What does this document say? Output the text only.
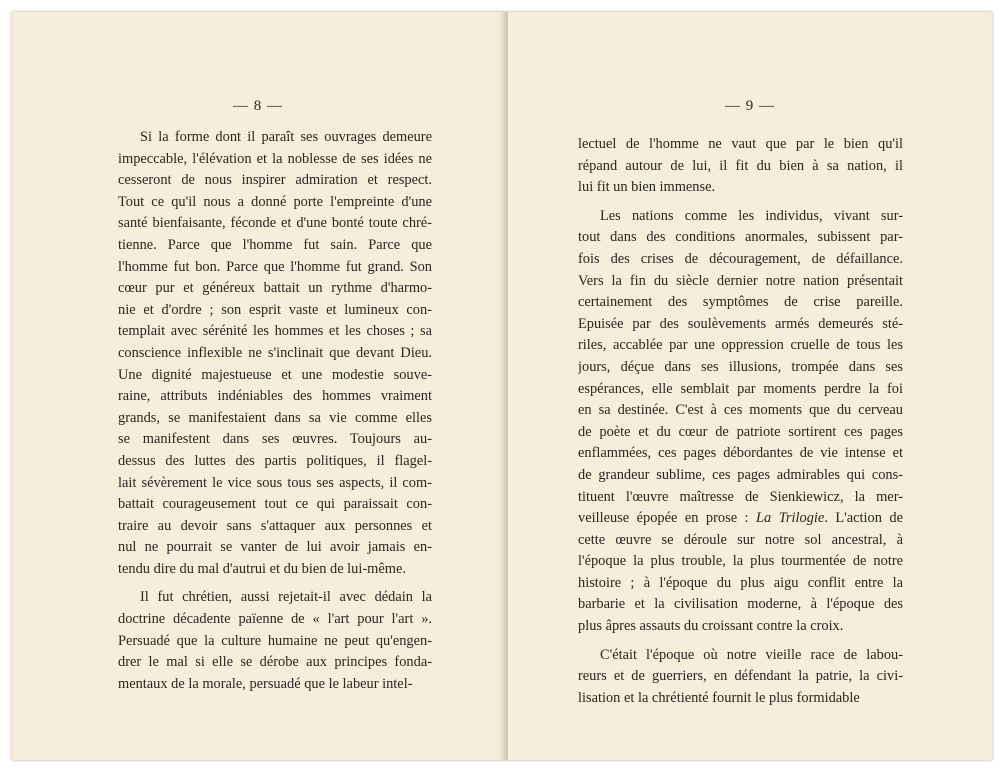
— 8 —
Si la forme dont il paraît ses ouvrages demeure
impeccable, l'élévation et la noblesse de ses idées ne
cesseront de nous inspirer admiration et respect.
Tout ce qu'il nous a donné porte l'empreinte d'une
santé bienfaisante, féconde et d'une bonté toute chré-
tienne. Parce que l'homme fut sain. Parce que
l'homme fut bon. Parce que l'homme fut grand. Son
cœur pur et généreux battait un rythme d'harmo-
nie et d'ordre ; son esprit vaste et lumineux con-
templait avec sérénité les hommes et les choses ; sa
conscience inflexible ne s'inclinait que devant Dieu.
Une dignité majestueuse et une modestie souve-
raine, attributs indéniables des hommes vraiment
grands, se manifestaient dans sa vie comme elles
se manifestent dans ses œuvres. Toujours au-
dessus des luttes des partis politiques, il flagel-
lait sévèrement le vice sous tous ses aspects, il com-
battait courageusement tout ce qui paraissait con-
traire au devoir sans s'attaquer aux personnes et
nul ne pourrait se vanter de lui avoir jamais en-
tendu dire du mal d'autrui et du bien de lui-même.
Il fut chrétien, aussi rejetait-il avec dédain la
doctrine décadente païenne de « l'art pour l'art ».
Persuadé que la culture humaine ne peut qu'engen-
drer le mal si elle se dérobe aux principes fonda-
mentaux de la morale, persuadé que le labeur intel-
— 9 —
lectuel de l'homme ne vaut que par le bien qu'il
répand autour de lui, il fit du bien à sa nation, il
lui fit un bien immense.
Les nations comme les individus, vivant sur-
tout dans des conditions anormales, subissent par-
fois des crises de découragement, de défaillance.
Vers la fin du siècle dernier notre nation présentait
certainement des symptômes de crise pareille.
Epuisée par des soulèvements armés demeurés sté-
riles, accablée par une oppression cruelle de tous les
jours, déçue dans ses illusions, trompée dans ses
espérances, elle semblait par moments perdre la foi
en sa destinée. C'est à ces moments que du cerveau
de poète et du cœur de patriote sortirent ces pages
enflammées, ces pages débordantes de vie intense et
de grandeur sublime, ces pages admirables qui cons-
tituent l'œuvre maîtresse de Sienkiewicz, la mer-
veilleuse épopée en prose : La Trilogie. L'action de
cette œuvre se déroule sur notre sol ancestral, à
l'époque la plus trouble, la plus tourmentée de notre
histoire ; à l'époque du plus aigu conflit entre la
barbarie et la civilisation moderne, à l'époque des
plus âpres assauts du croissant contre la croix.
C'était l'époque où notre vieille race de labou-
reurs et de guerriers, en défendant la patrie, la civi-
lisation et la chrétienté fournit le plus formidable
